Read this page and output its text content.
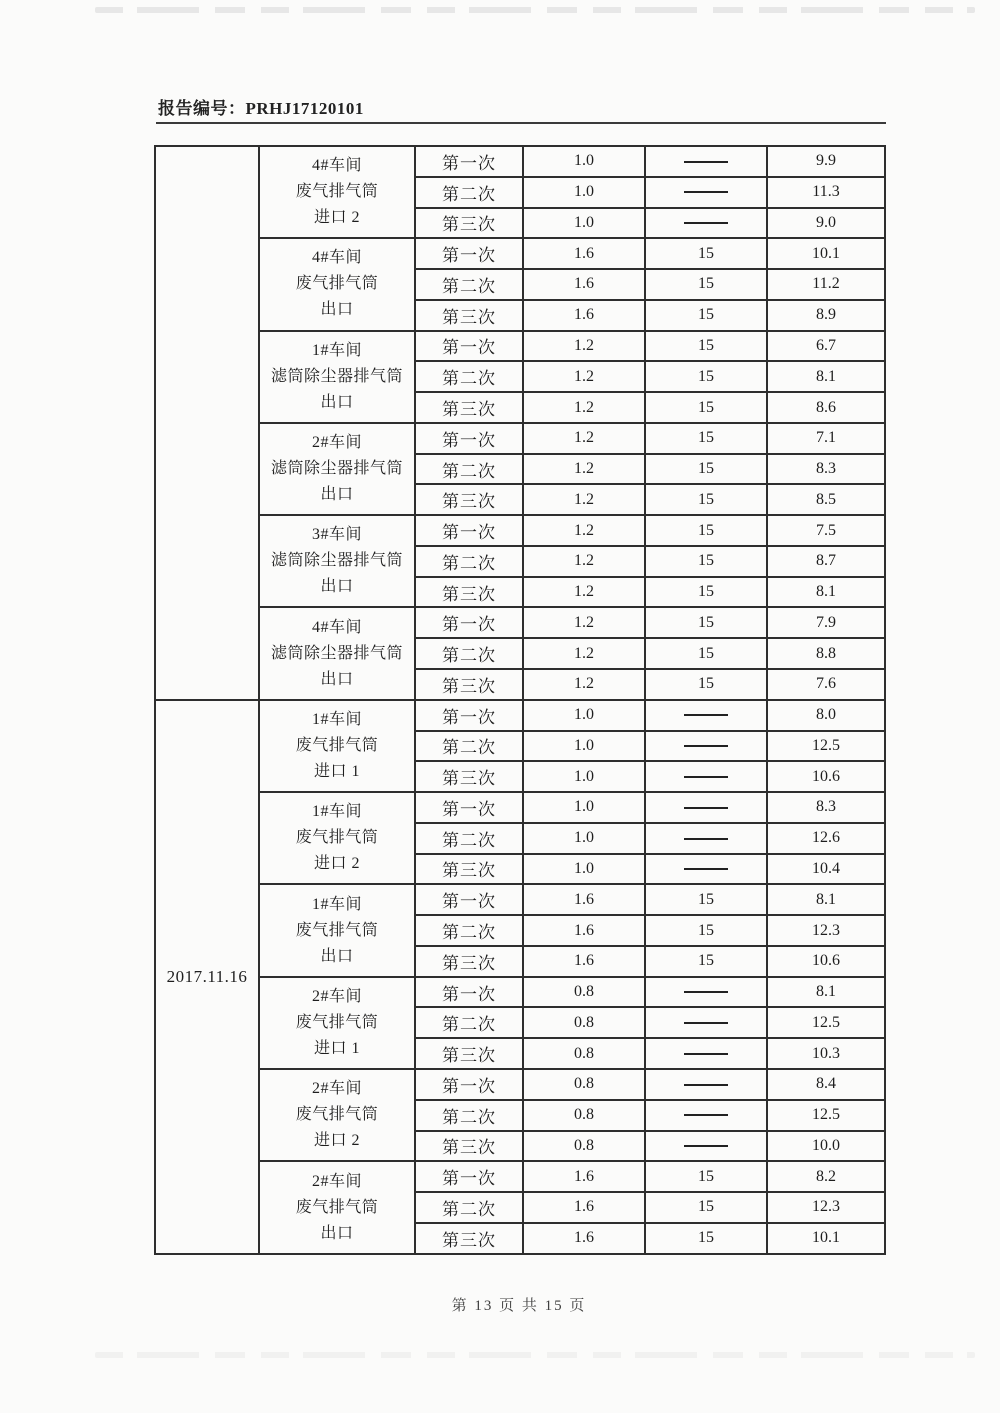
报告编号：PRHJ17120101

	4#车间
废气排气筒
进口 2	第一次	1.0		9.9
		第二次	1.0		11.3
		第三次	1.0		9.0

	4#车间
废气排气筒
出口	第一次	1.6	15	10.1
		第二次	1.6	15	11.2
		第三次	1.6	15	8.9

	1#车间
滤筒除尘器排气筒
出口	第一次	1.2	15	6.7
		第二次	1.2	15	8.1
		第三次	1.2	15	8.6

	2#车间
滤筒除尘器排气筒
出口	第一次	1.2	15	7.1
		第二次	1.2	15	8.3
		第三次	1.2	15	8.5

	3#车间
滤筒除尘器排气筒
出口	第一次	1.2	15	7.5
		第二次	1.2	15	8.7
		第三次	1.2	15	8.1

	4#车间
滤筒除尘器排气筒
出口	第一次	1.2	15	7.9
		第二次	1.2	15	8.8
		第三次	1.2	15	7.6
2017.11.16	1#车间
废气排气筒
进口 1	第一次	1.0		8.0
		第二次	1.0		12.5
		第三次	1.0		10.6

	1#车间
废气排气筒
进口 2	第一次	1.0		8.3
		第二次	1.0		12.6
		第三次	1.0		10.4

	1#车间
废气排气筒
出口	第一次	1.6	15	8.1
		第二次	1.6	15	12.3
		第三次	1.6	15	10.6

	2#车间
废气排气筒
进口 1	第一次	0.8		8.1
		第二次	0.8		12.5
		第三次	0.8		10.3

	2#车间
废气排气筒
进口 2	第一次	0.8		8.4
		第二次	0.8		12.5
		第三次	0.8		10.0

	2#车间
废气排气筒
出口	第一次	1.6	15	8.2
		第二次	1.6	15	12.3
		第三次	1.6	15	10.1
第 13 页 共 15 页
